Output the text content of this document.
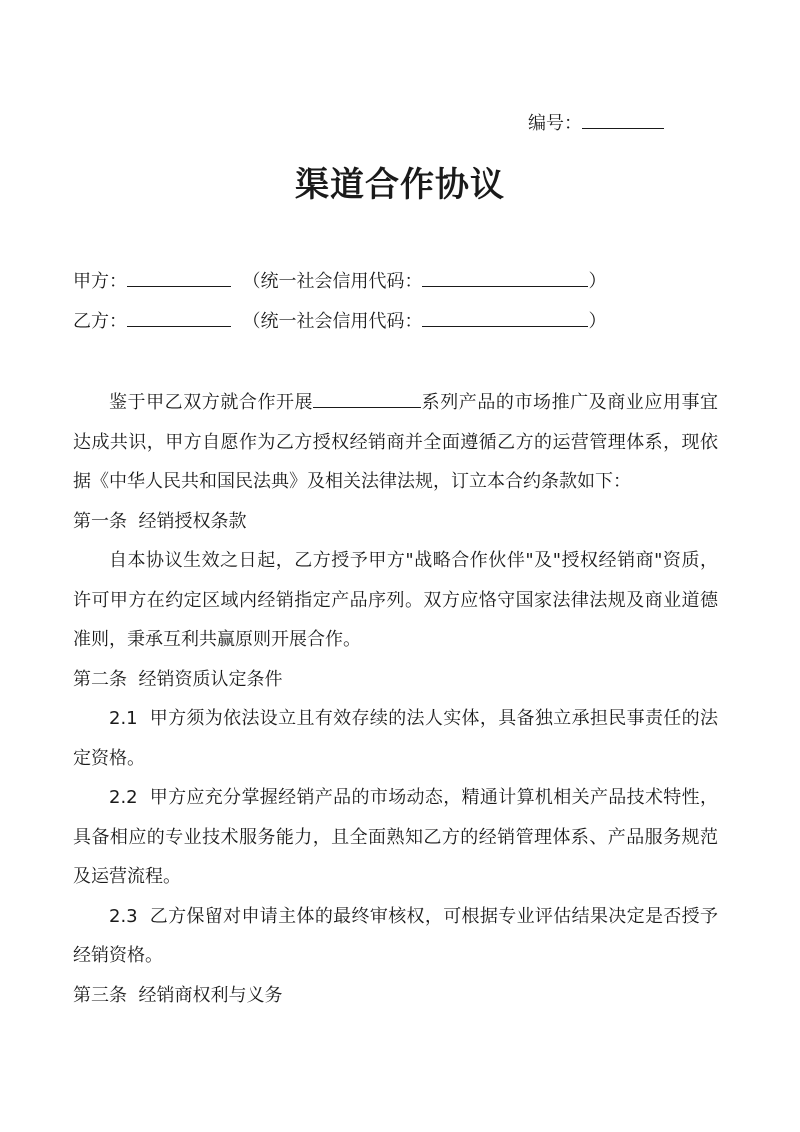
编号：
渠道合作协议
甲方：	（统一社会信用代码：	）
乙方：	（统一社会信用代码：	）

鉴于甲乙双方就合作开展	系列产品的市场推广及商业应用事宜达成共识，甲方自愿作为乙方授权经销商并全面遵循乙方的运营管理体系，现依据《中华人民共和国民法典》及相关法律法规，订立本合约条款如下：

第一条  经销授权条款

自本协议生效之日起，乙方授予甲方"战略合作伙伴"及"授权经销商"资质，许可甲方在约定区域内经销指定产品序列。双方应恪守国家法律法规及商业道德准则，秉承互利共赢原则开展合作。

第二条  经销资质认定条件

2.1  甲方须为依法设立且有效存续的法人实体，具备独立承担民事责任的法定资格。

2.2  甲方应充分掌握经销产品的市场动态，精通计算机相关产品技术特性，具备相应的专业技术服务能力，且全面熟知乙方的经销管理体系、产品服务规范及运营流程。

2.3  乙方保留对申请主体的最终审核权，可根据专业评估结果决定是否授予经销资格。

第三条  经销商权利与义务
